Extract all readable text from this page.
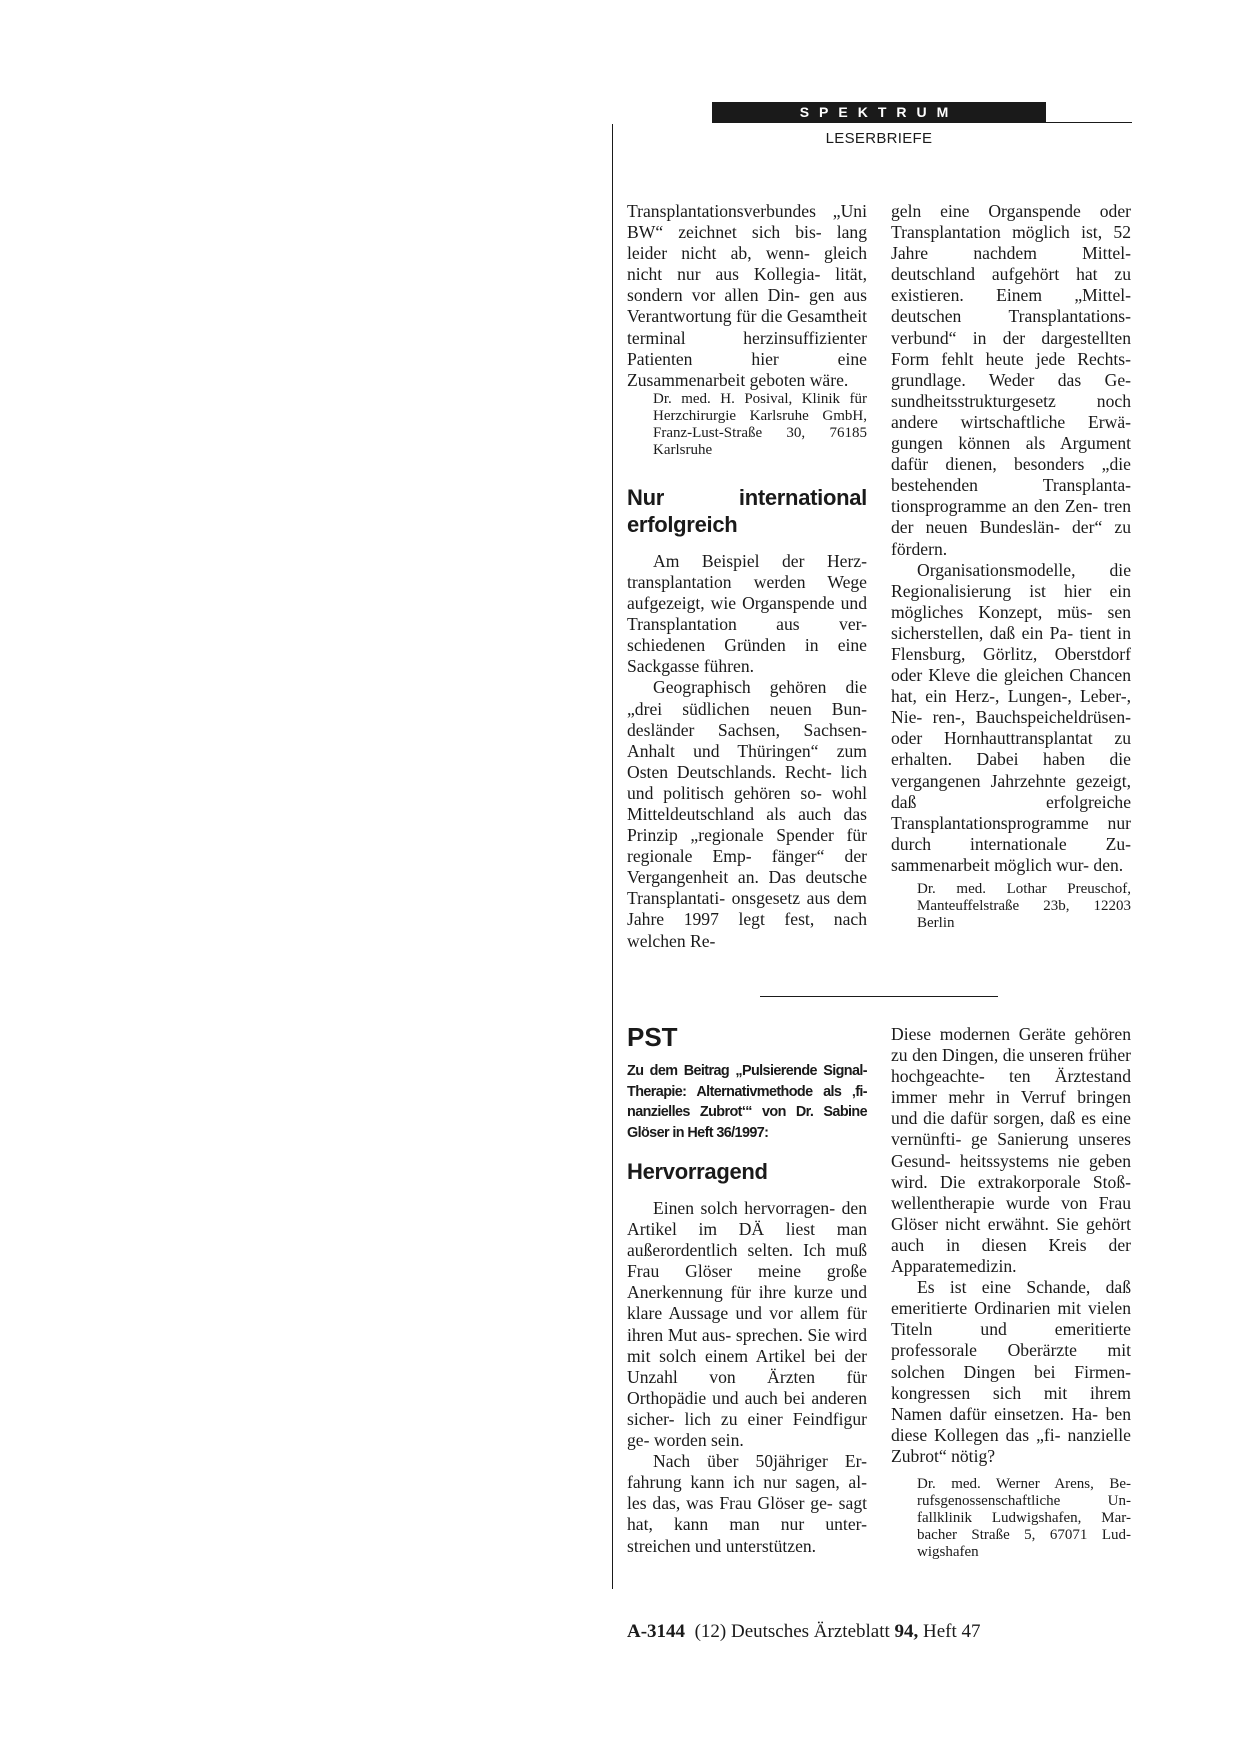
SPEKTRUM
LESERBRIEFE

Transplantationsverbundes „Uni BW“ zeichnet sich bis- lang leider nicht ab, wenn- gleich nicht nur aus Kollegia- lität, sondern vor allen Din- gen aus Verantwortung für die Gesamtheit terminal herzinsuffizienter Patienten hier eine Zusammenarbeit geboten wäre.

Dr. med. H. Posival, Klinik für Herzchirurgie Karlsruhe GmbH, Franz-Lust-Straße 30, 76185 Karlsruhe

Nur international erfolgreich

Am Beispiel der Herz- transplantation werden Wege aufgezeigt, wie Organspende und Transplantation aus ver- schiedenen Gründen in eine Sackgasse führen.

Geographisch gehören die „drei südlichen neuen Bun- desländer Sachsen, Sachsen- Anhalt und Thüringen“ zum Osten Deutschlands. Recht- lich und politisch gehören so- wohl Mitteldeutschland als auch das Prinzip „regionale Spender für regionale Emp- fänger“ der Vergangenheit an. Das deutsche Transplantati- onsgesetz aus dem Jahre 1997 legt fest, nach welchen Re-

geln eine Organspende oder Transplantation möglich ist, 52 Jahre nachdem Mittel- deutschland aufgehört hat zu existieren. Einem „Mittel- deutschen Transplantations- verbund“ in der dargestellten Form fehlt heute jede Rechts- grundlage. Weder das Ge- sundheitsstrukturgesetz noch andere wirtschaftliche Erwä- gungen können als Argument dafür dienen, besonders „die bestehenden Transplanta- tionsprogramme an den Zen- tren der neuen Bundeslän- der“ zu fördern.

Organisationsmodelle, die Regionalisierung ist hier ein mögliches Konzept, müs- sen sicherstellen, daß ein Pa- tient in Flensburg, Görlitz, Oberstdorf oder Kleve die gleichen Chancen hat, ein Herz-, Lungen-, Leber-, Nie- ren-, Bauchspeicheldrüsen- oder Hornhauttransplantat zu erhalten. Dabei haben die vergangenen Jahrzehnte gezeigt, daß erfolgreiche Transplantationsprogramme nur durch internationale Zu- sammenarbeit möglich wur- den.

Dr. med. Lothar Preuschof, Manteuffelstraße 23b, 12203 Berlin

PST

Zu dem Beitrag „Pulsierende Signal- Therapie: Alternativmethode als ‚fi- nanzielles Zubrot‘“ von Dr. Sabine Glöser in Heft 36/1997:

Hervorragend

Einen solch hervorragen- den Artikel im DÄ liest man außerordentlich selten. Ich muß Frau Glöser meine große Anerkennung für ihre kurze und klare Aussage und vor allem für ihren Mut aus- sprechen. Sie wird mit solch einem Artikel bei der Unzahl von Ärzten für Orthopädie und auch bei anderen sicher- lich zu einer Feindfigur ge- worden sein.

Nach über 50jähriger Er- fahrung kann ich nur sagen, al- les das, was Frau Glöser ge- sagt hat, kann man nur unter- streichen und unterstützen.

Diese modernen Geräte gehören zu den Dingen, die unseren früher hochgeachte- ten Ärztestand immer mehr in Verruf bringen und die dafür sorgen, daß es eine vernünfti- ge Sanierung unseres Gesund- heitssystems nie geben wird. Die extrakorporale Stoß- wellentherapie wurde von Frau Glöser nicht erwähnt. Sie gehört auch in diesen Kreis der Apparatemedizin.

Es ist eine Schande, daß emeritierte Ordinarien mit vielen Titeln und emeritierte professorale Oberärzte mit solchen Dingen bei Firmen- kongressen sich mit ihrem Namen dafür einsetzen. Ha- ben diese Kollegen das „fi- nanzielle Zubrot“ nötig?

Dr. med. Werner Arens, Be- rufsgenossenschaftliche Un- fallklinik Ludwigshafen, Mar- bacher Straße 5, 67071 Lud- wigshafen

A-3144 (12) Deutsches Ärzteblatt 94, Heft 47
